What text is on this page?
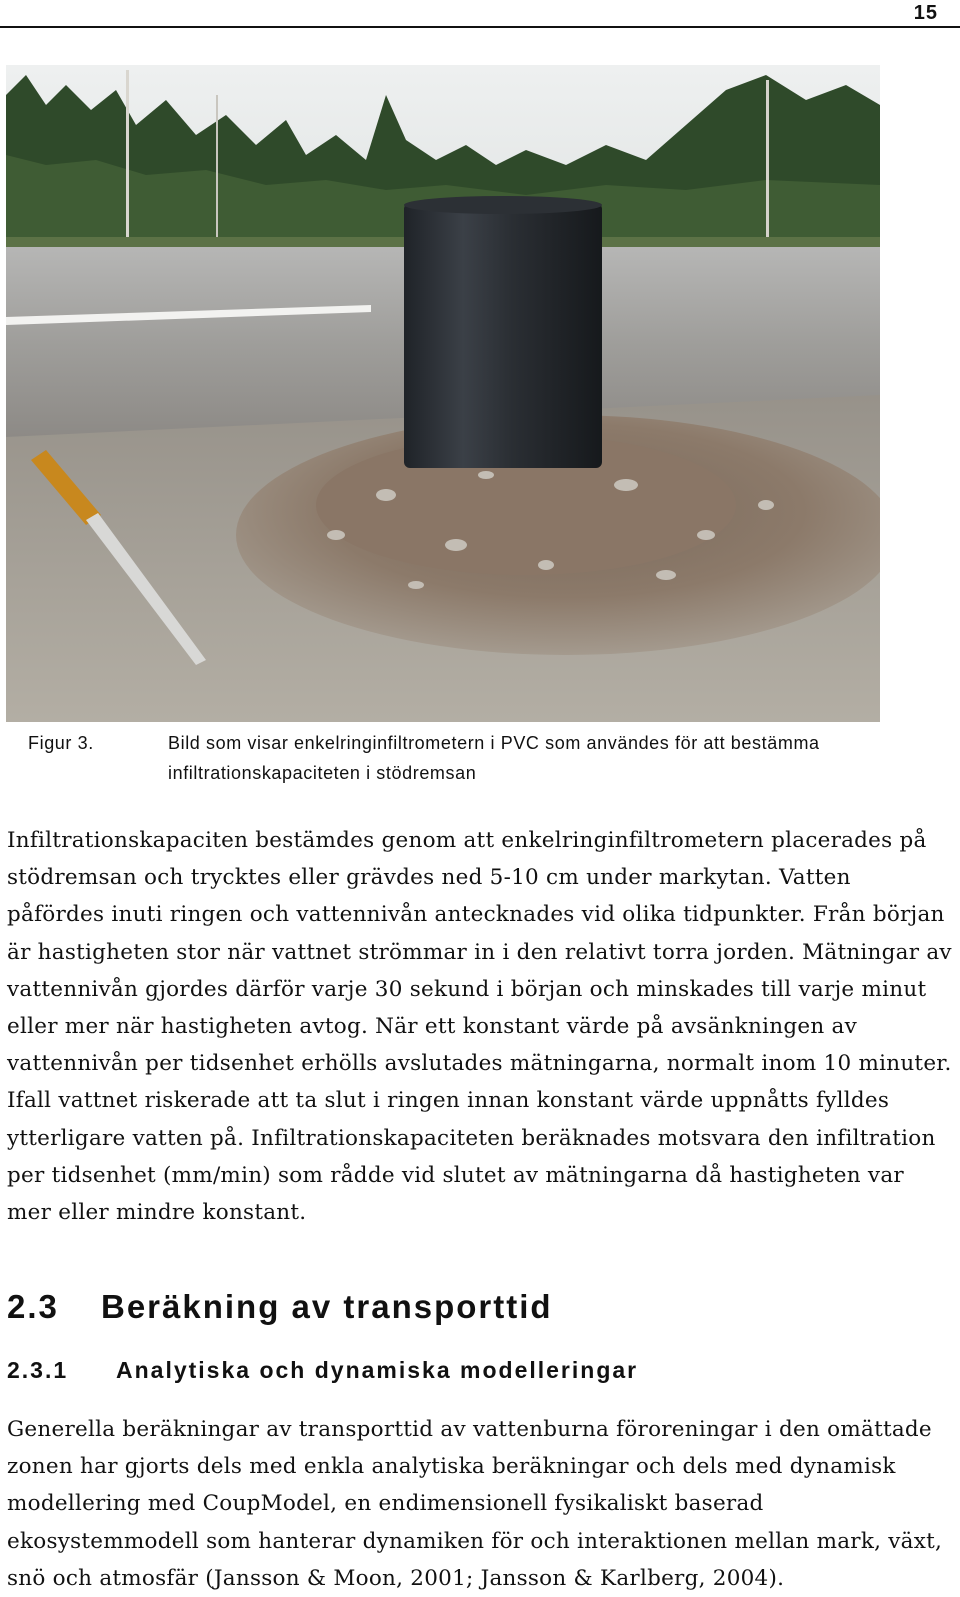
15
Figur 3.	Bild som visar enkelringinfiltrometern i PVC som användes för att bestämma infiltrationskapaciteten i stödremsan

Infiltrationskapaciten bestämdes genom att enkelringinfiltrometern placerades på stödremsan och trycktes eller grävdes ned 5-10 cm under markytan. Vatten påfördes inuti ringen och vattennivån antecknades vid olika tidpunkter. Från början är hastigheten stor när vattnet strömmar in i den relativt torra jorden. Mätningar av vattennivån gjordes därför varje 30 sekund i början och minskades till varje minut eller mer när hastigheten avtog. När ett konstant värde på avsänkningen av vattennivån per tidsenhet erhölls avslutades mätningarna, normalt inom 10 minuter. Ifall vattnet riskerade att ta slut i ringen innan konstant värde uppnåtts fylldes ytterligare vatten på. Infiltrationskapaciteten beräknades motsvara den infiltration per tidsenhet (mm/min) som rådde vid slutet av mätningarna då hastigheten var mer eller mindre konstant.

2.3 Beräkning av transporttid
2.3.1 Analytiska och dynamiska modelleringar

Generella beräkningar av transporttid av vattenburna föroreningar i den omättade zonen har gjorts dels med enkla analytiska beräkningar och dels med dynamisk modellering med CoupModel, en endimensionell fysikaliskt baserad ekosystemmodell som hanterar dynamiken för och interaktionen mellan mark, växt, snö och atmosfär (Jansson & Moon, 2001; Jansson & Karlberg, 2004).
